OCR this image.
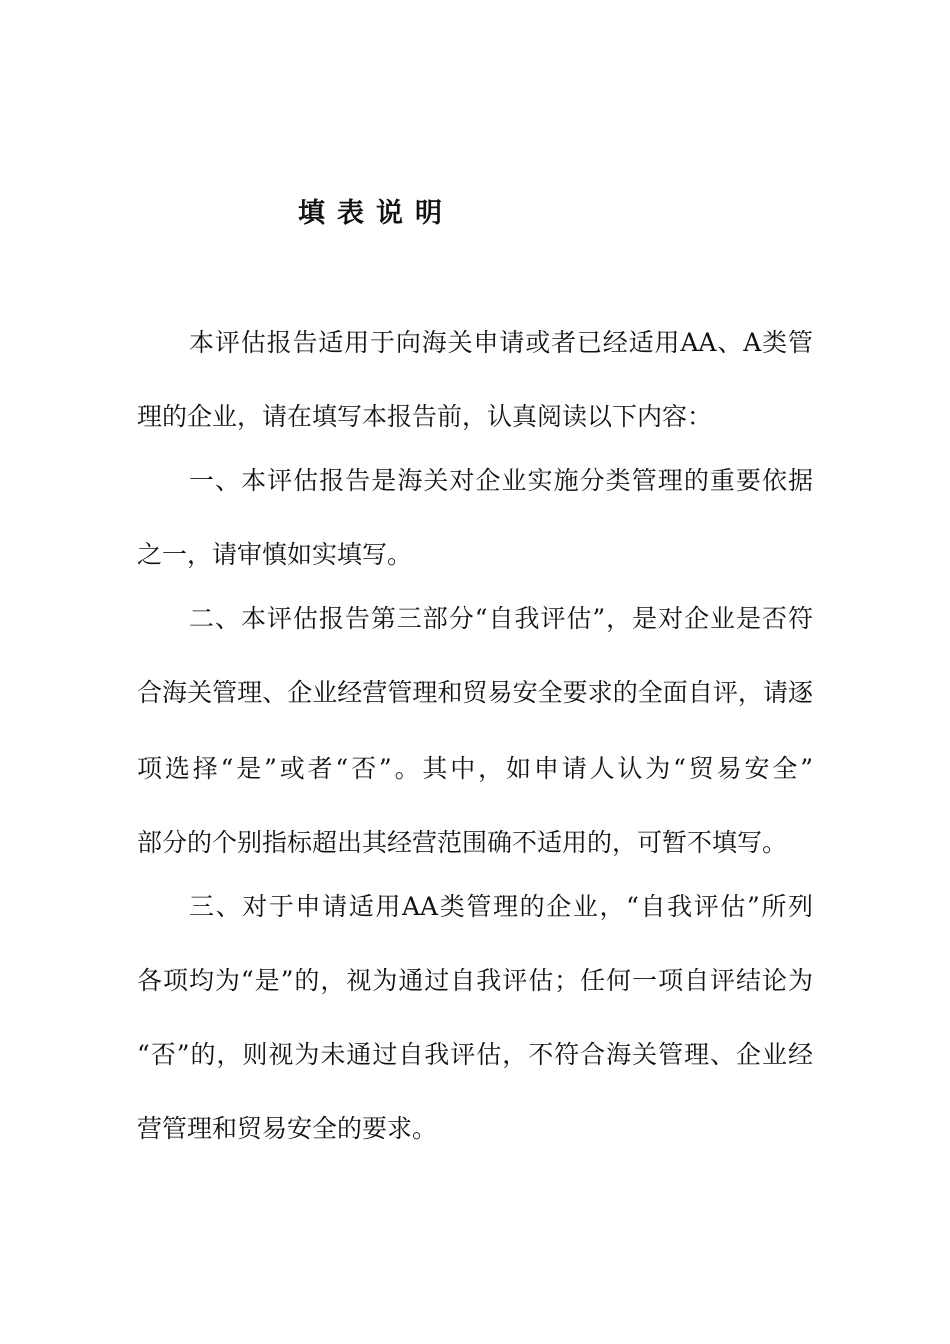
填表说明
本评估报告适用于向海关申请或者已经适用AA、A类管
理的企业，请在填写本报告前，认真阅读以下内容：
一、本评估报告是海关对企业实施分类管理的重要依据
之一，请审慎如实填写。
二、本评估报告第三部分“自我评估”，是对企业是否符
合海关管理、企业经营管理和贸易安全要求的全面自评，请逐
项选择“是”或者“否”。其中，如申请人认为“贸易安全”
部分的个别指标超出其经营范围确不适用的，可暂不填写。
三、对于申请适用AA类管理的企业，“自我评估”所列
各项均为“是”的，视为通过自我评估；任何一项自评结论为
“否”的，则视为未通过自我评估，不符合海关管理、企业经
营管理和贸易安全的要求。
